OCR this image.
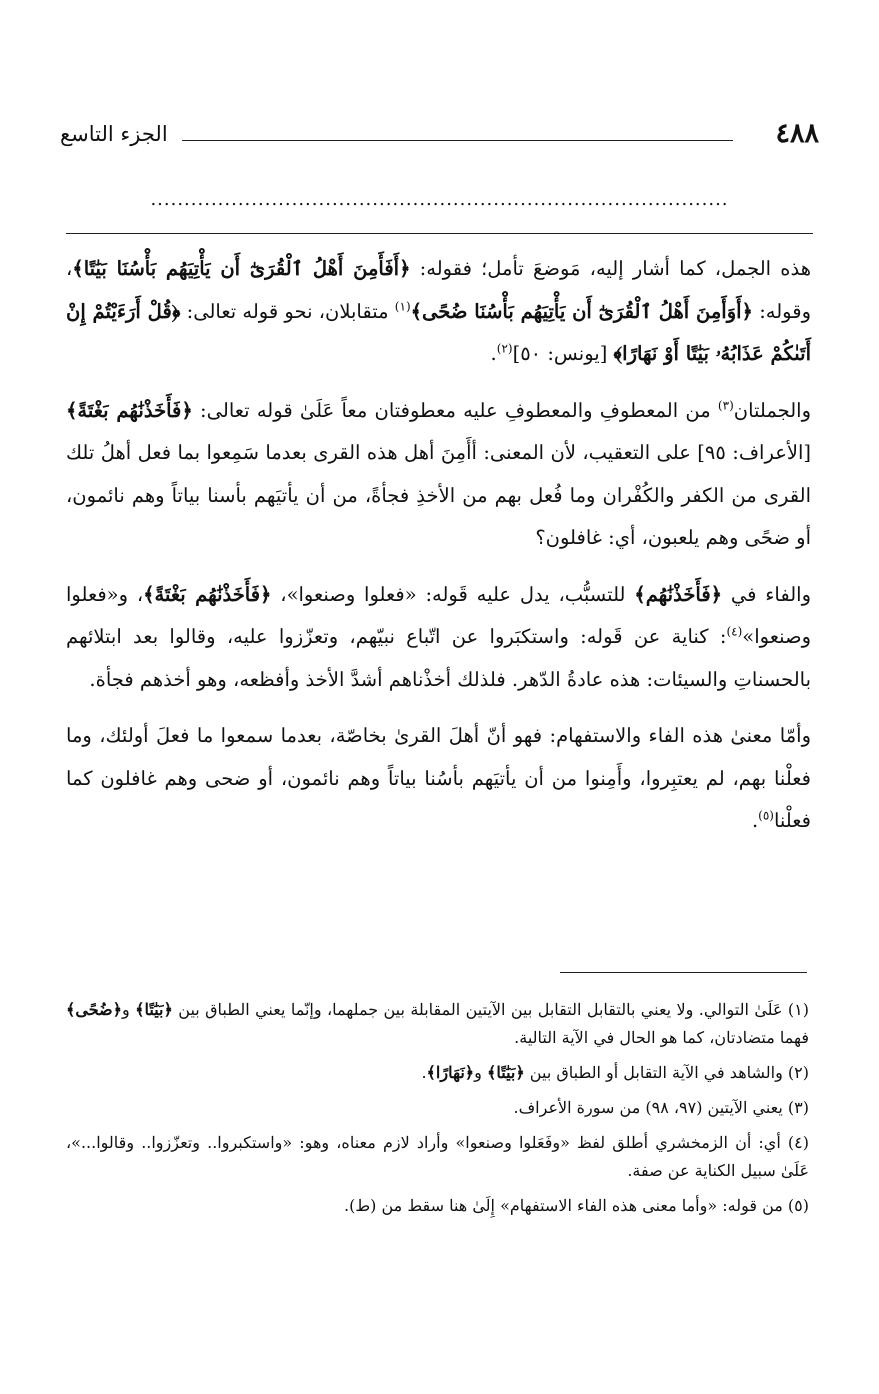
٤٨٨
الجزء التاسع
......................................................................................

هذه الجمل، كما أشار إليه، مَوضعَ تأمل؛ فقوله: ﴿أَفَأَمِنَ أَهْلُ ٱلْقُرَىٰٓ أَن يَأْتِيَهُم بَأْسُنَا بَيَٰتًا﴾، وقوله: ﴿أَوَأَمِنَ أَهْلُ ٱلْقُرَىٰٓ أَن يَأْتِيَهُم بَأْسُنَا ضُحًى﴾$^{(١)}$ متقابلان، نحو قوله تعالى: ﴿قُلْ أَرَءَيْتُمْ إِنْ أَتَىٰكُمْ عَذَابُهُۥ بَيَٰتًا أَوْ نَهَارًا﴾ [يونس: ٥٠]$^{(٢)}$.

والجملتان$^{(٣)}$ من المعطوفِ والمعطوفِ عليه معطوفتان معاً عَلَىٰ قوله تعالى: ﴿فَأَخَذْنَٰهُم بَغْتَةً﴾ [الأعراف: ٩٥] على التعقيب، لأن المعنى: أأَمِنَ أهل هذه القرى بعدما سَمِعوا بما فعل أهلُ تلك القرى من الكفر والكُفْران وما فُعل بهم من الأخذِ فجأةً، من أن يأتيَهم بأسنا بياتاً وهم نائمون، أو ضحًى وهم يلعبون، أي: غافلون؟

والفاء في ﴿فَأَخَذْنَٰهُم﴾ للتسبُّب، يدل عليه قَوله: «فعلوا وصنعوا»، ﴿فَأَخَذْنَٰهُم بَغْتَةً﴾، و«فعلوا وصنعوا»$^{(٤)}$: كناية عن قَوله: واستكبَروا عن اتّباع نبيّهم، وتعزّزوا عليه، وقالوا بعد ابتلائهم بالحسناتِ والسيئات: هذه عادةُ الدّهر. فلذلك أخذْناهم أشدَّ الأخذ وأفظعه، وهو أخذهم فجأة.

وأمّا معنىٰ هذه الفاء والاستفهام: فهو أنّ أهلَ القرىٰ بخاصّة، بعدما سمعوا ما فعلَ أولئك، وما فعلْنا بهم، لم يعتبِروا، وأَمِنوا من أن يأتيَهم بأسُنا بياتاً وهم نائمون، أو ضحى وهم غافلون كما فعلْنا$^{(٥)}$.

(١) عَلَىٰ التوالي. ولا يعني بالتقابل التقابل بين الآيتين المقابلة بين جملهما، وإنّما يعني الطباق بين ﴿بَيَٰتًا﴾ و﴿ضُحًى﴾ فهما متضادتان، كما هو الحال في الآية التالية.

(٢) والشاهد في الآية التقابل أو الطباق بين ﴿بَيَٰتًا﴾ و﴿نَهَارًا﴾.

(٣) يعني الآيتين (٩٧، ٩٨) من سورة الأعراف.

(٤) أي: أن الزمخشري أطلق لفظ «وفَعَلوا وصنعوا» وأراد لازم معناه، وهو: «واستكبروا.. وتعزّزوا.. وقالوا...»، عَلَىٰ سبيل الكناية عن صفة.

(٥) من قوله: «وأما معنى هذه الفاء الاستفهام» إِلَىٰ هنا سقط من (ط).
